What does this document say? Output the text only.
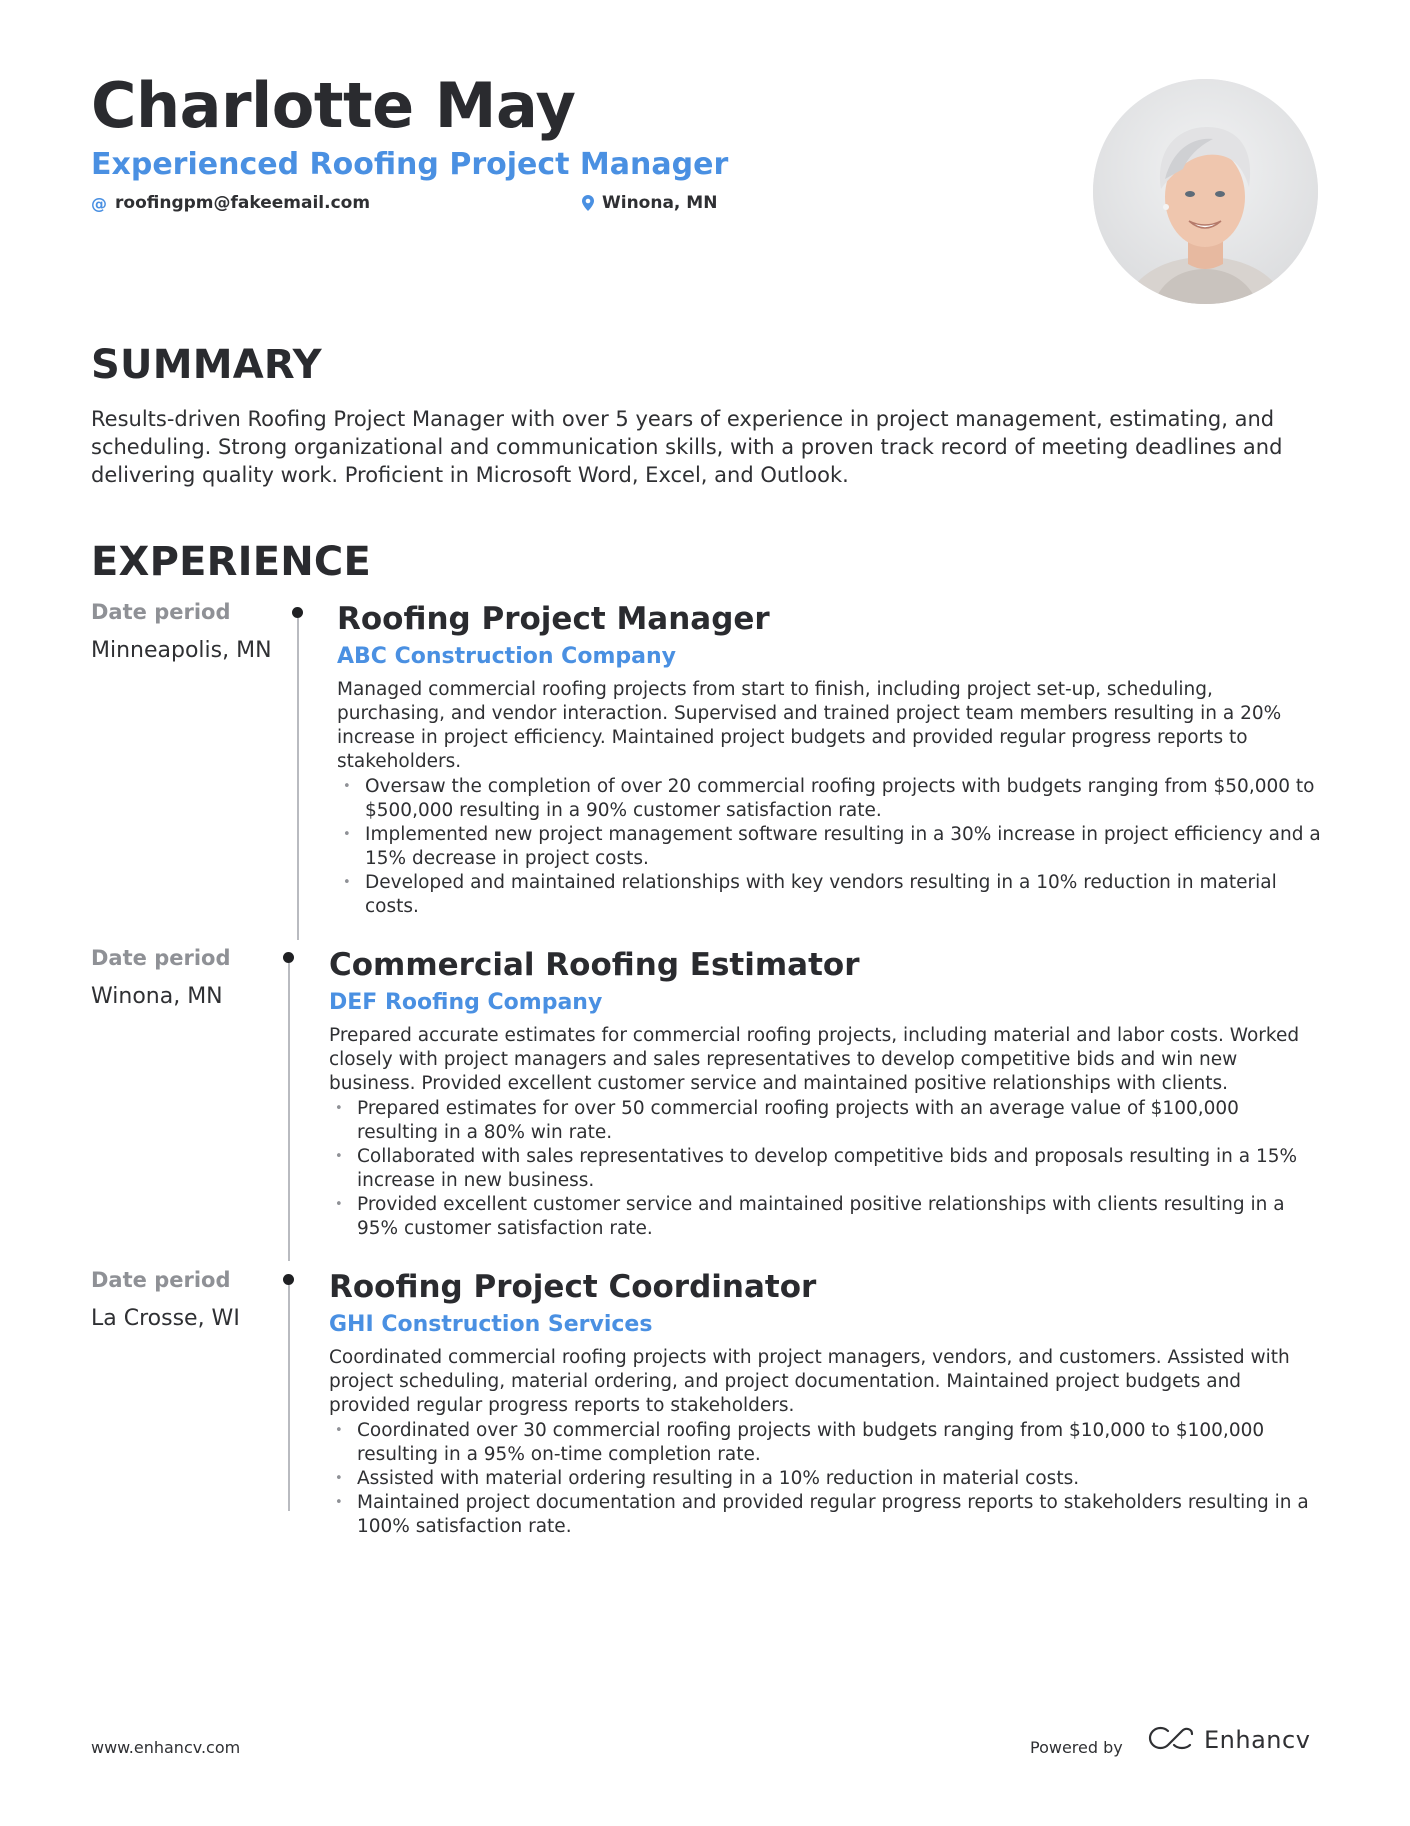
Charlotte May
Experienced Roofing Project Manager
@ roofingpm@fakeemail.com	Winona, MN
SUMMARY

Results-driven Roofing Project Manager with over 5 years of experience in project management, estimating, and scheduling. Strong organizational and communication skills, with a proven track record of meeting deadlines and delivering quality work. Proficient in Microsoft Word, Excel, and Outlook.

EXPERIENCE
Date period
Minneapolis, MN
Roofing Project Manager
ABC Construction Company

Managed commercial roofing projects from start to finish, including project set-up, scheduling, purchasing, and vendor interaction. Supervised and trained project team members resulting in a 20% increase in project efficiency. Maintained project budgets and provided regular progress reports to stakeholders.

• Oversaw the completion of over 20 commercial roofing projects with budgets ranging from $50,000 to $500,000 resulting in a 90% customer satisfaction rate.
• Implemented new project management software resulting in a 30% increase in project efficiency and a 15% decrease in project costs.
• Developed and maintained relationships with key vendors resulting in a 10% reduction in material costs.
Date period
Winona, MN
Commercial Roofing Estimator
DEF Roofing Company

Prepared accurate estimates for commercial roofing projects, including material and labor costs. Worked closely with project managers and sales representatives to develop competitive bids and win new business. Provided excellent customer service and maintained positive relationships with clients.

• Prepared estimates for over 50 commercial roofing projects with an average value of $100,000 resulting in a 80% win rate.
• Collaborated with sales representatives to develop competitive bids and proposals resulting in a 15% increase in new business.
• Provided excellent customer service and maintained positive relationships with clients resulting in a 95% customer satisfaction rate.
Date period
La Crosse, WI
Roofing Project Coordinator
GHI Construction Services

Coordinated commercial roofing projects with project managers, vendors, and customers. Assisted with project scheduling, material ordering, and project documentation. Maintained project budgets and provided regular progress reports to stakeholders.

• Coordinated over 30 commercial roofing projects with budgets ranging from $10,000 to $100,000 resulting in a 95% on-time completion rate.
• Assisted with material ordering resulting in a 10% reduction in material costs.
• Maintained project documentation and provided regular progress reports to stakeholders resulting in a 100% satisfaction rate.
www.enhancv.com	Powered by	Enhancv
